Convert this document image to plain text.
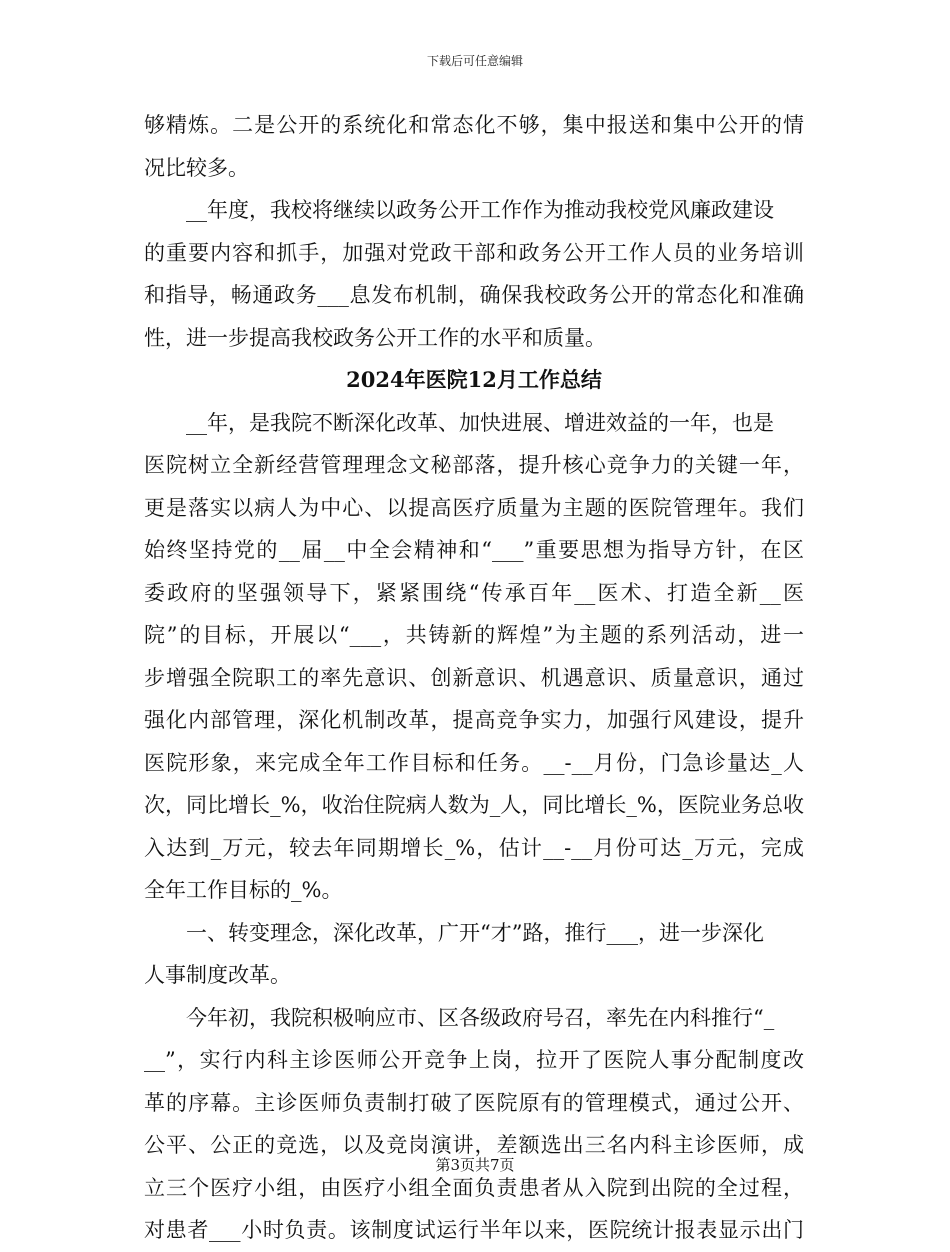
下载后可任意编辑
够精炼。二是公开的系统化和常态化不够，集中报送和集中公开的情
况比较多。
__年度，我校将继续以政务公开工作作为推动我校党风廉政建设
的重要内容和抓手，加强对党政干部和政务公开工作人员的业务培训
和指导，畅通政务___息发布机制，确保我校政务公开的常态化和准确
性，进一步提高我校政务公开工作的水平和质量。
2024年医院12月工作总结
__年，是我院不断深化改革、加快进展、增进效益的一年，也是
医院树立全新经营管理理念文秘部落，提升核心竞争力的关键一年，
更是落实以病人为中心、以提高医疗质量为主题的医院管理年。我们
始终坚持党的__届__中全会精神和“___”重要思想为指导方针，在区
委政府的坚强领导下，紧紧围绕“传承百年__医术、打造全新__医
院”的目标，开展以“___，共铸新的辉煌”为主题的系列活动，进一
步增强全院职工的率先意识、创新意识、机遇意识、质量意识，通过
强化内部管理，深化机制改革，提高竞争实力，加强行风建设，提升
医院形象，来完成全年工作目标和任务。__-__月份，门急诊量达_人
次，同比增长_%，收治住院病人数为_人，同比增长_%，医院业务总收
入达到_万元，较去年同期增长_%，估计__-__月份可达_万元，完成
全年工作目标的_%。
一、转变理念，深化改革，广开“才”路，推行___，进一步深化
人事制度改革。
今年初，我院积极响应市、区各级政府号召，率先在内科推行“_
__”，实行内科主诊医师公开竞争上岗，拉开了医院人事分配制度改
革的序幕。主诊医师负责制打破了医院原有的管理模式，通过公开、
公平、公正的竞选，以及竞岗演讲，差额选出三名内科主诊医师，成
立三个医疗小组，由医疗小组全面负责患者从入院到出院的全过程，
对患者___小时负责。该制度试运行半年以来，医院统计报表显示出门
第3页共7页
